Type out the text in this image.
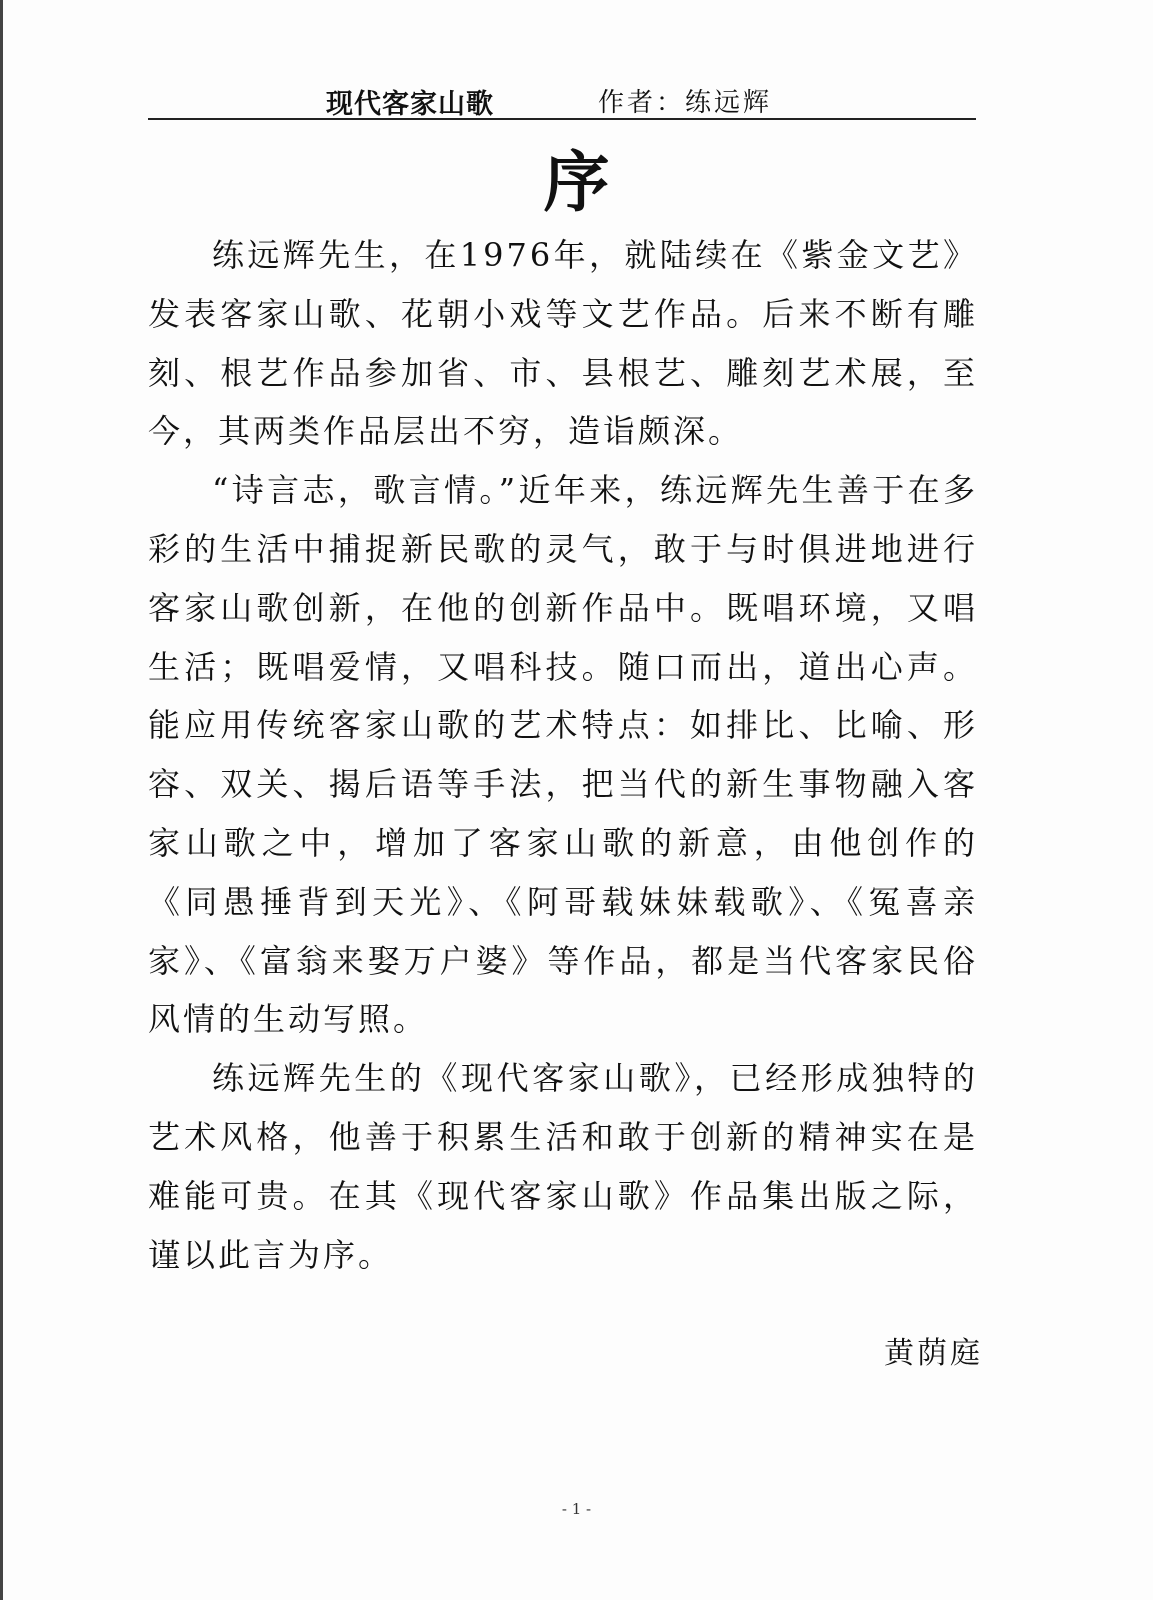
现代客家山歌	作者：练远辉
序

练远辉先生，在1976年，就陆续在《紫金文艺》发表客家山歌、花朝小戏等文艺作品。后来不断有雕刻、根艺作品参加省、市、县根艺、雕刻艺术展，至今，其两类作品层出不穷，造诣颇深。

“诗言志，歌言情。”近年来，练远辉先生善于在多彩的生活中捕捉新民歌的灵气，敢于与时俱进地进行客家山歌创新，在他的创新作品中。既唱环境，又唱生活；既唱爱情，又唱科技。随口而出，道出心声。能应用传统客家山歌的艺术特点：如排比、比喻、形容、双关、揭后语等手法，把当代的新生事物融入客家山歌之中，增加了客家山歌的新意，由他创作的《同愚捶背到天光》、《阿哥载妹妹载歌》、《冤喜亲家》、《富翁来娶万户婆》等作品，都是当代客家民俗风情的生动写照。

练远辉先生的《现代客家山歌》，已经形成独特的艺术风格，他善于积累生活和敢于创新的精神实在是难能可贵。在其《现代客家山歌》作品集出版之际，谨以此言为序。

黄荫庭
- 1 -
